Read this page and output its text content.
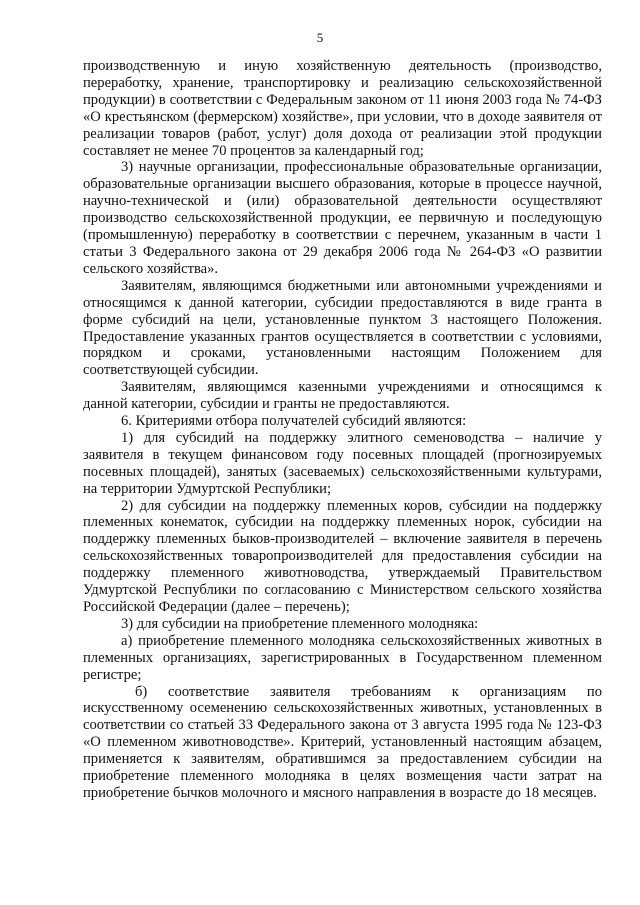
5

производственную и иную хозяйственную деятельность (производство, переработку, хранение, транспортировку и реализацию сельскохозяйственной продукции) в соответствии с Федеральным законом от 11 июня 2003 года № 74-ФЗ «О крестьянском (фермерском) хозяйстве», при условии, что в доходе заявителя от реализации товаров (работ, услуг) доля дохода от реализации этой продукции составляет не менее 70 процентов за календарный год;

3) научные организации, профессиональные образовательные организации, образовательные организации высшего образования, которые в процессе научной, научно-технической и (или) образовательной деятельности осуществляют производство сельскохозяйственной продукции, ее первичную и последующую (промышленную) переработку в соответствии с перечнем, указанным в части 1 статьи 3 Федерального закона от 29 декабря 2006 года № 264-ФЗ «О развитии сельского хозяйства».

Заявителям, являющимся бюджетными или автономными учреждениями и относящимся к данной категории, субсидии предоставляются в виде гранта в форме субсидий на цели, установленные пунктом 3 настоящего Положения. Предоставление указанных грантов осуществляется в соответствии с условиями, порядком и сроками, установленными настоящим Положением для соответствующей субсидии.

Заявителям, являющимся казенными учреждениями и относящимся к данной категории, субсидии и гранты не предоставляются.

6. Критериями отбора получателей субсидий являются:

1) для субсидий на поддержку элитного семеноводства – наличие у заявителя в текущем финансовом году посевных площадей (прогнозируемых посевных площадей), занятых (засеваемых) сельскохозяйственными культурами, на территории Удмуртской Республики;

2) для субсидии на поддержку племенных коров, субсидии на поддержку племенных конематок, субсидии на поддержку племенных норок, субсидии на поддержку племенных быков-производителей – включение заявителя в перечень сельскохозяйственных товаропроизводителей для предоставления субсидии на поддержку племенного животноводства, утверждаемый Правительством Удмуртской Республики по согласованию с Министерством сельского хозяйства Российской Федерации (далее – перечень);

3) для субсидии на приобретение племенного молодняка:

а) приобретение племенного молодняка сельскохозяйственных животных в племенных организациях, зарегистрированных в Государственном племенном регистре;

б) соответствие заявителя требованиям к организациям по искусственному осеменению сельскохозяйственных животных, установленных в соответствии со статьей 33 Федерального закона от 3 августа 1995 года № 123-ФЗ «О племенном животноводстве». Критерий, установленный настоящим абзацем, применяется к заявителям, обратившимся за предоставлением субсидии на приобретение племенного молодняка в целях возмещения части затрат на приобретение бычков молочного и мясного направления в возрасте до 18 месяцев.
